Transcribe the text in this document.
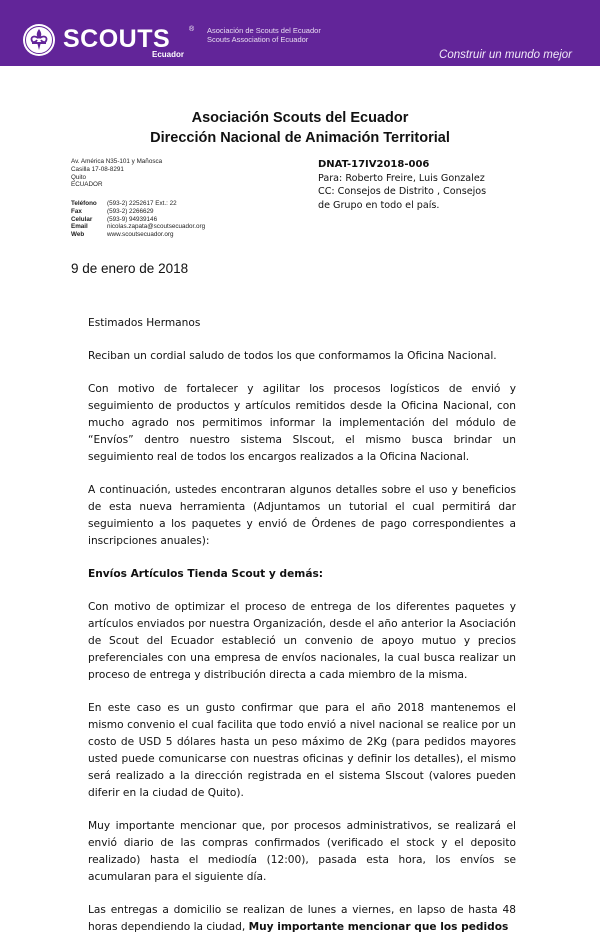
SCOUTS	®
Ecuador
Asociación de Scouts del Ecuador
Scouts Association of Ecuador
Construir un mundo mejor
Asociación Scouts del Ecuador
Dirección Nacional de Animación Territorial
Av. América N35-101 y Mañosca
Casilla 17-08-8291
Quito
ECUADOR
Teléfono	(593-2) 2252617 Ext.: 22
Fax	(593-2) 2266629
Celular	(593-9) 94939146
Email	nicolas.zapata@scoutsecuador.org
Web	www.scoutsecuador.org
DNAT-17IV2018-006
Para: Roberto Freire, Luis Gonzalez
CC: Consejos de Distrito , Consejos
de Grupo en todo el país.
9 de enero de 2018

Estimados Hermanos

Reciban un cordial saludo de todos los que conformamos la Oficina Nacional.

Con motivo de fortalecer y agilitar los procesos logísticos de envió y seguimiento de productos y artículos remitidos desde la Oficina Nacional, con mucho agrado nos permitimos informar la implementación del módulo de “Envíos” dentro nuestro sistema SIscout, el mismo busca brindar un seguimiento real de todos los encargos realizados a la Oficina Nacional.

A continuación, ustedes encontraran algunos detalles sobre el uso y beneficios de esta nueva herramienta (Adjuntamos un tutorial el cual permitirá dar seguimiento a los paquetes y envió de Órdenes de pago correspondientes a inscripciones anuales):

Envíos Artículos Tienda Scout y demás:

Con motivo de optimizar el proceso de entrega de los diferentes paquetes y artículos enviados por nuestra Organización, desde el año anterior la Asociación de Scout del Ecuador estableció un convenio de apoyo mutuo y precios preferenciales con una empresa de envíos nacionales, la cual busca realizar un proceso de entrega y distribución directa a cada miembro de la misma.

En este caso es un gusto confirmar que para el año 2018 mantenemos el mismo convenio el cual facilita que todo envió a nivel nacional se realice por un costo de USD 5 dólares hasta un peso máximo de 2Kg (para pedidos mayores usted puede comunicarse con nuestras oficinas y definir los detalles), el mismo será realizado a la dirección registrada en el sistema SIscout (valores pueden diferir en la ciudad de Quito).

Muy importante mencionar que, por procesos administrativos, se realizará el envió diario de las compras confirmados (verificado el stock y el deposito realizado) hasta el mediodía (12:00), pasada esta hora, los envíos se acumularan para el siguiente día.

Las entregas a domicilio se realizan de lunes a viernes, en lapso de hasta 48 horas dependiendo la ciudad, Muy importante mencionar que los pedidos
